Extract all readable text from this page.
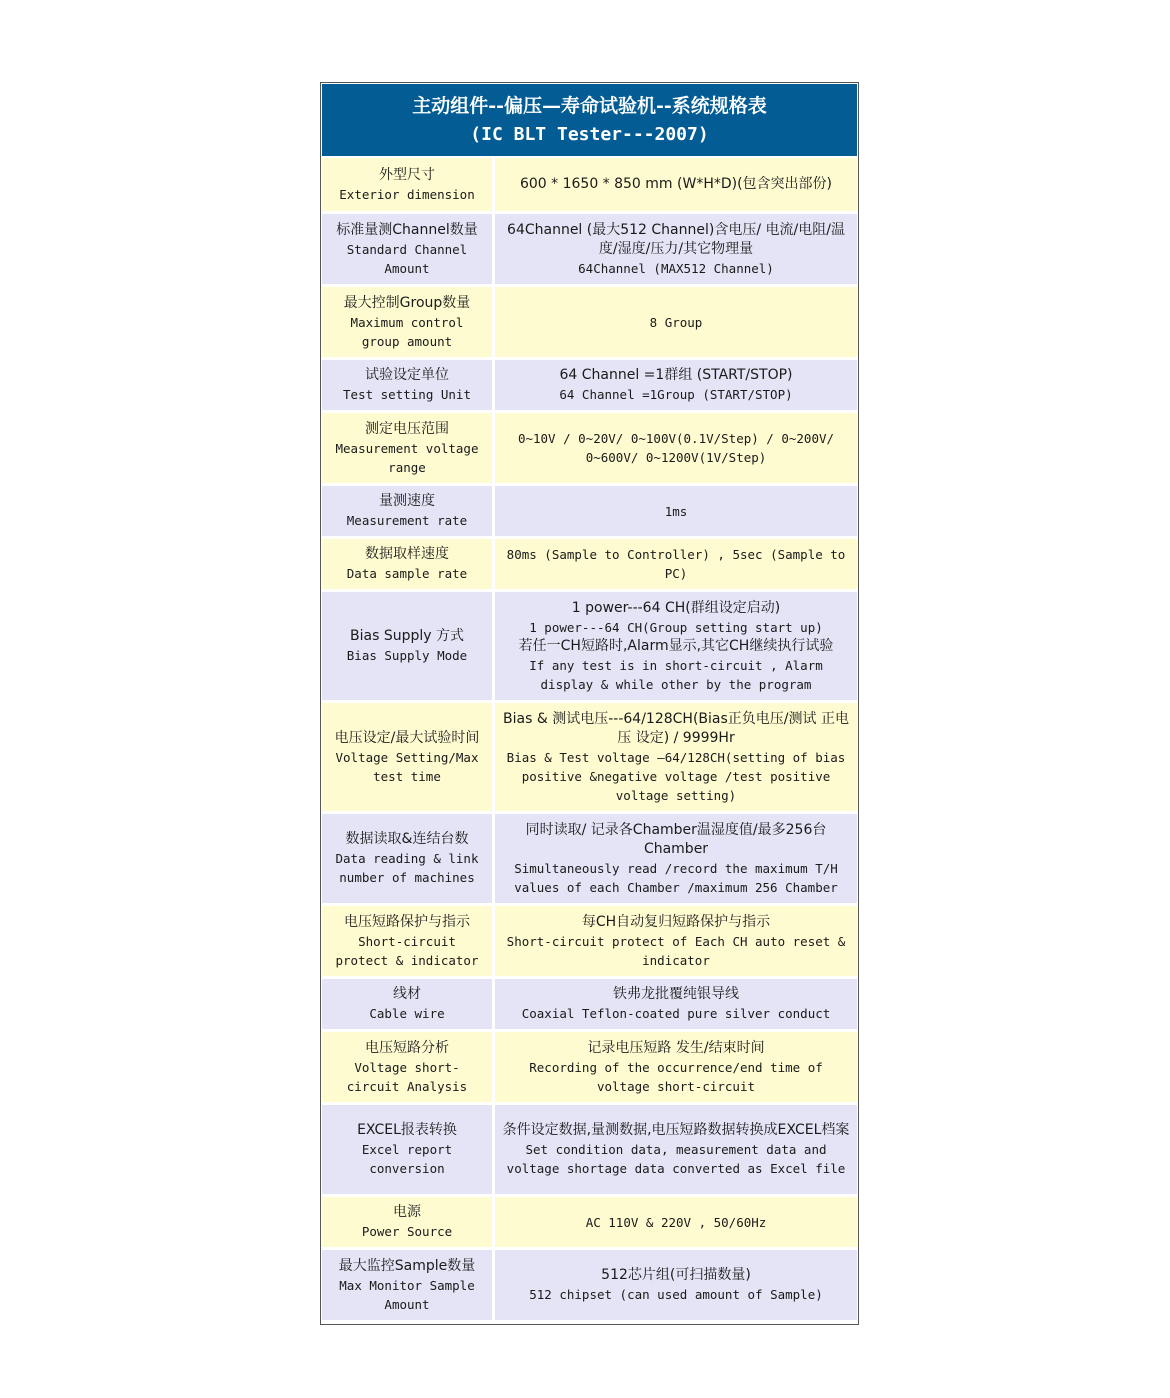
主动组件--偏压—寿命试验机--系统规格表
(IC BLT Tester---2007)
外型尺寸
Exterior dimension	600 * 1650 * 850 mm (W*H*D)(包含突出部份)

标准量测Channel数量
Standard Channel Amount	64Channel (最大512 Channel)含电压/ 电流/电阻/温度/湿度/压力/其它物理量
64Channel (MAX512 Channel)

最大控制Group数量
Maximum control group amount	8 Group

试验设定单位
Test setting Unit	64 Channel =1群组 (START/STOP)
64 Channel =1Group (START/STOP)

测定电压范围
Measurement voltage range	0~10V / 0~20V/ 0~100V(0.1V/Step) / 0~200V/ 0~600V/ 0~1200V(1V/Step)

量测速度
Measurement rate	1ms

数据取样速度
Data sample rate	80ms (Sample to Controller) , 5sec (Sample to PC)

Bias Supply 方式
Bias Supply Mode	1 power---64 CH(群组设定启动)
1 power---64 CH(Group setting start up)
若任一CH短路时,Alarm显示,其它CH继续执行试验
If any test is in short-circuit , Alarm display & while other by the program

电压设定/最大试验时间
Voltage Setting/Max test time	Bias & 测试电压---64/128CH(Bias正负电压/测试 正电压 设定) / 9999Hr
Bias & Test voltage –64/128CH(setting of bias positive &negative voltage /test positive voltage setting)

数据读取&连结台数
Data reading & link number of machines	同时读取/ 记录各Chamber温湿度值/最多256台Chamber
Simultaneously read /record the maximum T/H values of each Chamber /maximum 256 Chamber

电压短路保护与指示
Short-circuit protect & indicator	每CH自动复归短路保护与指示
Short-circuit protect of Each CH auto reset & indicator

线材
Cable wire	铁弗龙批覆纯银导线
Coaxial Teflon-coated pure silver conduct

电压短路分析
Voltage short-circuit Analysis	记录电压短路 发生/结束时间
Recording of the occurrence/end time of voltage short-circuit

EXCEL报表转换
Excel report conversion	条件设定数据,量测数据,电压短路数据转换成EXCEL档案
Set condition data, measurement data and voltage shortage data converted as Excel file

电源
Power Source	AC 110V & 220V , 50/60Hz

最大监控Sample数量
Max Monitor Sample Amount	512芯片组(可扫描数量)
512 chipset (can used amount of Sample)
